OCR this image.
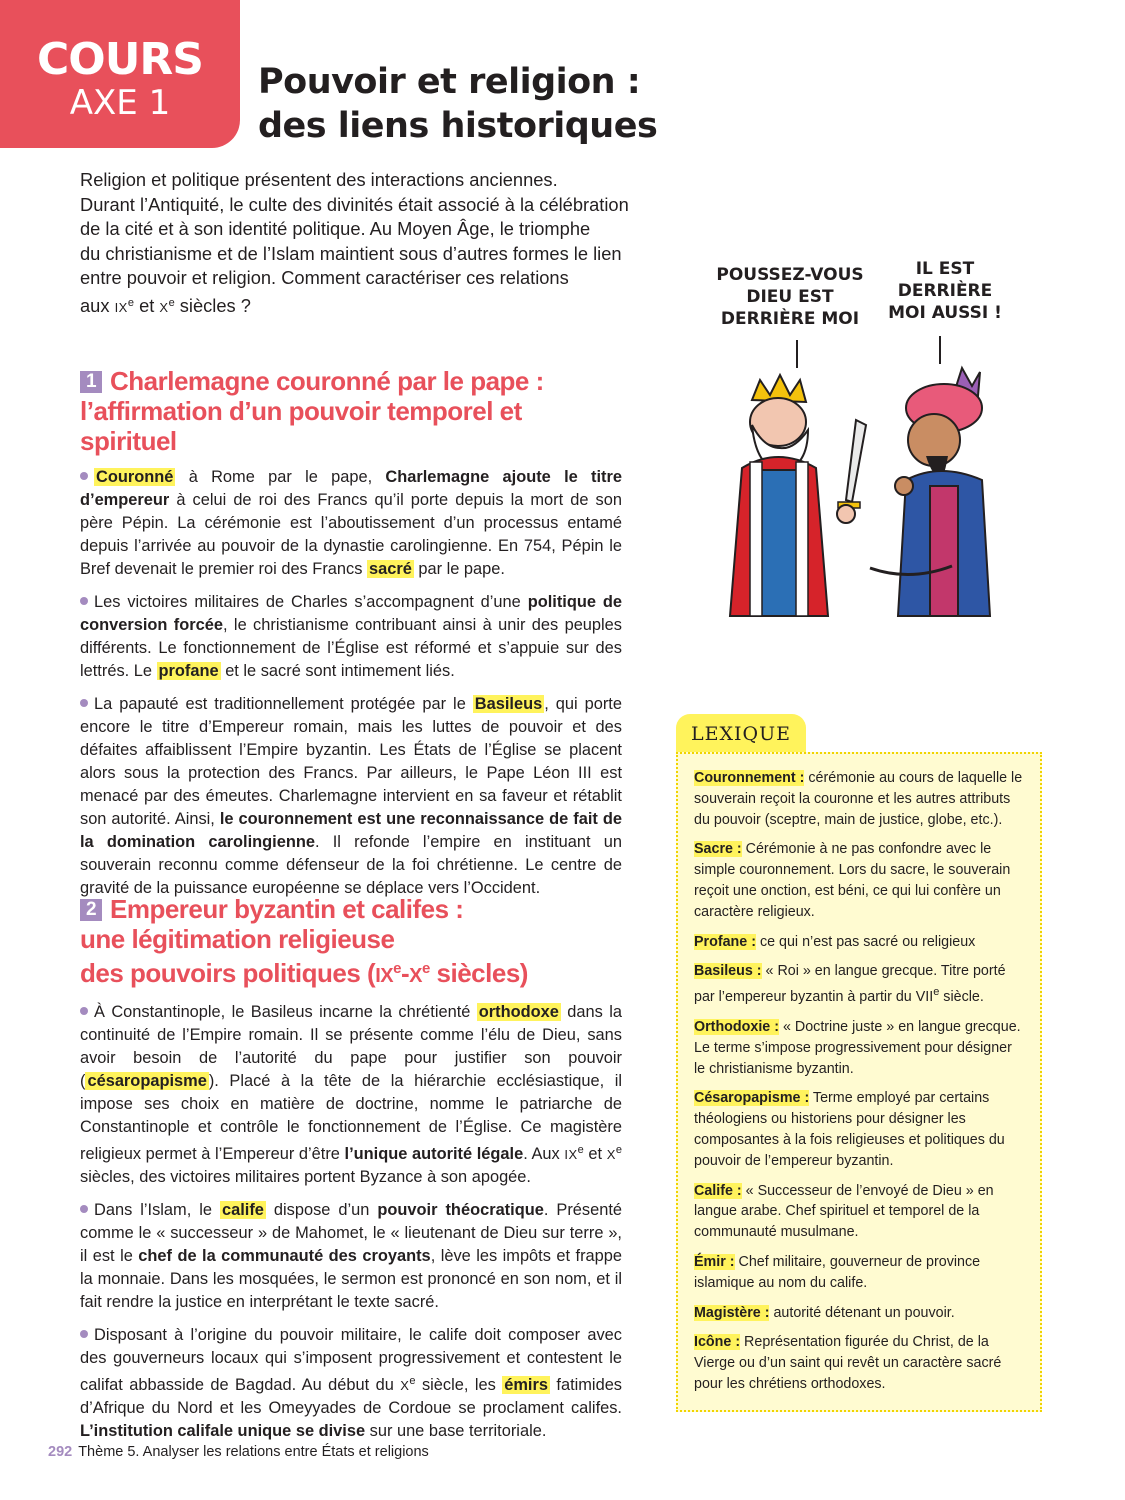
COURS
AXE 1
Pouvoir et religion :
des liens historiques
Religion et politique présentent des interactions anciennes.
Durant l’Antiquité, le culte des divinités était associé à la célébration
de la cité et à son identité politique. Au Moyen Âge, le triomphe
du christianisme et de l’Islam maintient sous d’autres formes le lien
entre pouvoir et religion. Comment caractériser ces relations
aux IXe et Xe siècles ?
1 Charlemagne couronné par le pape :
l’affirmation d’un pouvoir temporel et spirituel

Couronné à Rome par le pape, Charlemagne ajoute le titre d’empereur à celui de roi des Francs qu’il porte depuis la mort de son père Pépin. La cérémonie est l’aboutissement d’un processus entamé depuis l’arrivée au pouvoir de la dynastie carolingienne. En 754, Pépin le Bref devenait le premier roi des Francs sacré par le pape.

Les victoires militaires de Charles s’accompagnent d’une politique de conversion forcée, le christianisme contribuant ainsi à unir des peuples différents. Le fonctionnement de l’Église est réformé et s’appuie sur des lettrés. Le profane et le sacré sont intimement liés.

La papauté est traditionnellement protégée par le Basileus , qui porte encore le titre d’Empereur romain, mais les luttes de pouvoir et des défaites affaiblissent l’Empire byzantin. Les États de l’Église se placent alors sous la protection des Francs. Par ailleurs, le Pape Léon III est menacé par des émeutes. Charlemagne intervient en sa faveur et rétablit son autorité. Ainsi, le couronnement est une reconnaissance de fait de la domination carolingienne. Il refonde l’empire en instituant un souverain reconnu comme défenseur de la foi chrétienne. Le centre de gravité de la puissance européenne se déplace vers l’Occident.

2 Empereur byzantin et califes :
une légitimation religieuse
des pouvoirs politiques (IXe-Xe siècles)

À Constantinople, le Basileus incarne la chrétienté orthodoxe dans la continuité de l’Empire romain. Il se présente comme l’élu de Dieu, sans avoir besoin de l’autorité du pape pour justifier son pouvoir ( césaropapisme ). Placé à la tête de la hiérarchie ecclésiastique, il impose ses choix en matière de doctrine, nomme le patriarche de Constantinople et contrôle le fonctionnement de l’Église. Ce magistère religieux permet à l’Empereur d’être l’unique autorité légale. Aux IXe et Xe siècles, des victoires militaires portent Byzance à son apogée.

Dans l’Islam, le calife dispose d’un pouvoir théocratique. Présenté comme le « successeur » de Mahomet, le « lieutenant de Dieu sur terre », il est le chef de la communauté des croyants, lève les impôts et frappe la monnaie. Dans les mosquées, le sermon est prononcé en son nom, et il fait rendre la justice en interprétant le texte sacré.

Disposant à l’origine du pouvoir militaire, le calife doit composer avec des gouverneurs locaux qui s’imposent progressivement et contestent le califat abbasside de Bagdad. Au début du Xe siècle, les émirs fatimides d’Afrique du Nord et les Omeyyades de Cordoue se proclament califes. L’institution califale unique se divise sur une base territoriale.

POUSSEZ-VOUS
DIEU EST
DERRIÈRE MOI
IL EST
DERRIÈRE
MOI AUSSI !
LEXIQUE

Couronnement : cérémonie au cours de laquelle le souverain reçoit la couronne et les autres attributs du pouvoir (sceptre, main de justice, globe, etc.).

Sacre : Cérémonie à ne pas confondre avec le simple couronnement. Lors du sacre, le souverain reçoit une onction, est béni, ce qui lui confère un caractère religieux.

Profane : ce qui n’est pas sacré ou religieux

Basileus : « Roi » en langue grecque. Titre porté par l’empereur byzantin à partir du VIIe siècle.

Orthodoxie : « Doctrine juste » en langue grecque. Le terme s’impose progressivement pour désigner le christianisme byzantin.

Césaropapisme : Terme employé par certains théologiens ou historiens pour désigner les composantes à la fois religieuses et politiques du pouvoir de l’empereur byzantin.

Calife : « Successeur de l’envoyé de Dieu » en langue arabe. Chef spirituel et temporel de la communauté musulmane.

Émir : Chef militaire, gouverneur de province islamique au nom du calife.

Magistère : autorité détenant un pouvoir.

Icône : Représentation figurée du Christ, de la Vierge ou d’un saint qui revêt un caractère sacré pour les chrétiens orthodoxes.

292 Thème 5. Analyser les relations entre États et religions
